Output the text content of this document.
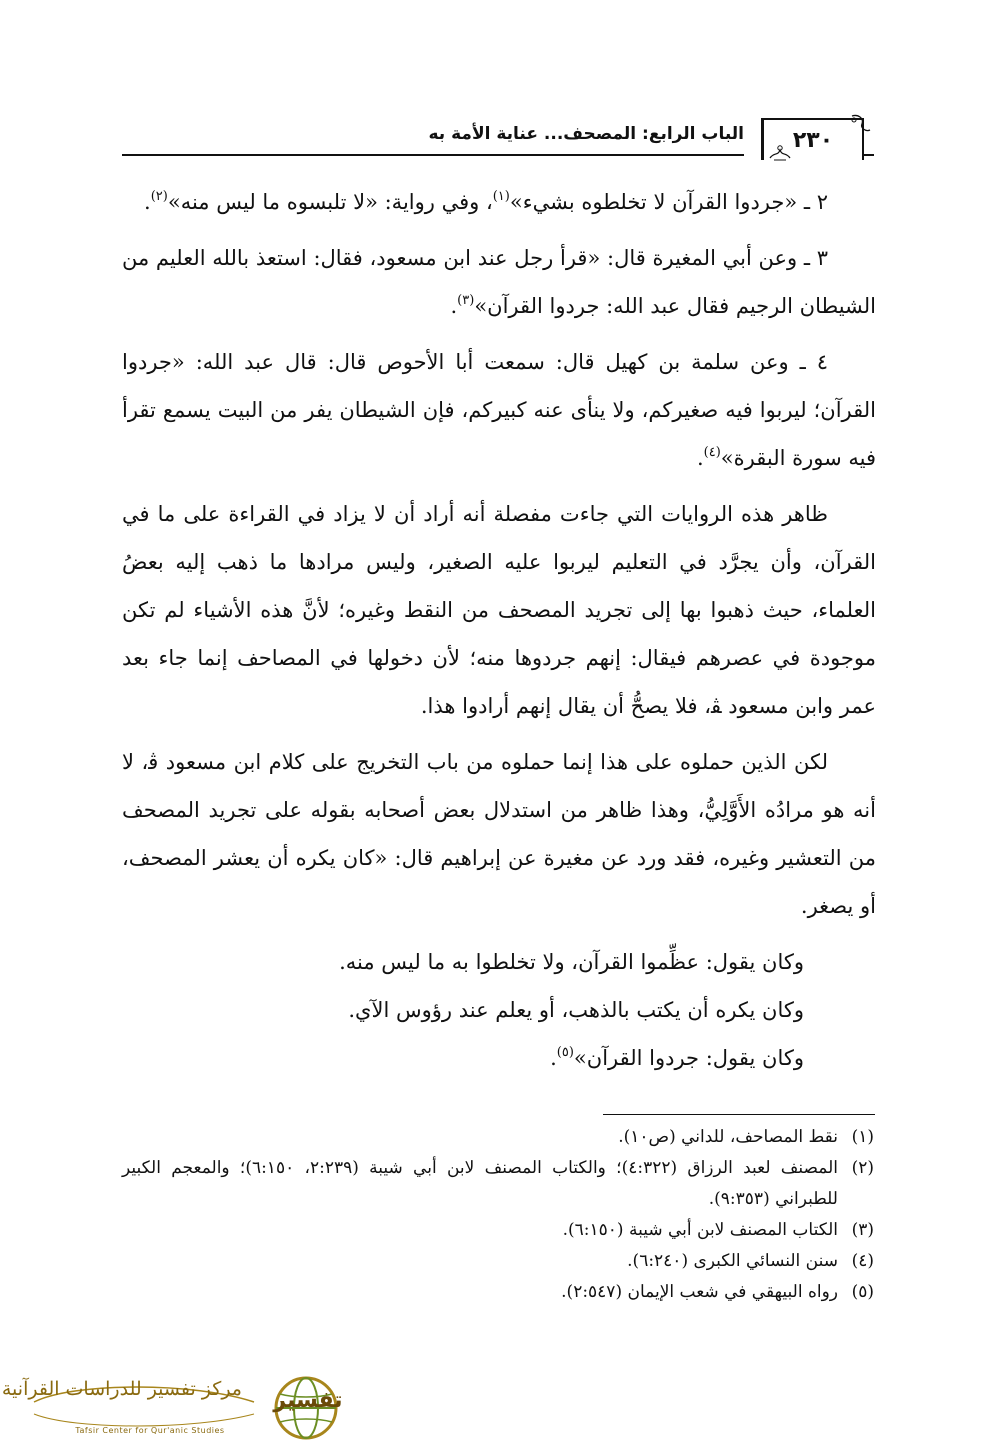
الباب الرابع: المصحف... عناية الأمة به ٢٣٠

٢ ـ «جردوا القرآن لا تخلطوه بشيء»$^{(١)}$، وفي رواية: «لا تلبسوه ما ليس منه»$^{(٢)}$.

٣ ـ وعن أبي المغيرة قال: «قرأ رجل عند ابن مسعود، فقال: استعذ بالله العليم من الشيطان الرجيم فقال عبد الله: جردوا القرآن»$^{(٣)}$.

٤ ـ وعن سلمة بن كهيل قال: سمعت أبا الأحوص قال: قال عبد الله: «جردوا القرآن؛ ليربوا فيه صغيركم، ولا ينأى عنه كبيركم، فإن الشيطان يفر من البيت يسمع تقرأ فيه سورة البقرة»$^{(٤)}$.

ظاهر هذه الروايات التي جاءت مفصلة أنه أراد أن لا يزاد في القراءة على ما في القرآن، وأن يجرَّد في التعليم ليربوا عليه الصغير، وليس مرادها ما ذهب إليه بعضُ العلماء، حيث ذهبوا بها إلى تجريد المصحف من النقط وغيره؛ لأنَّ هذه الأشياء لم تكن موجودة في عصرهم فيقال: إنهم جردوها منه؛ لأن دخولها في المصاحف إنما جاء بعد عمر وابن مسعود ﭭ، فلا يصحُّ أن يقال إنهم أرادوا هذا.

لكن الذين حملوه على هذا إنما حملوه من باب التخريج على كلام ابن مسعود ﭬ، لا أنه هو مرادُه الأَوَّلِيُّ، وهذا ظاهر من استدلال بعض أصحابه بقوله على تجريد المصحف من التعشير وغيره، فقد ورد عن مغيرة عن إبراهيم قال: «كان يكره أن يعشر المصحف، أو يصغر.

وكان يقول: عظِّموا القرآن، ولا تخلطوا به ما ليس منه.

وكان يكره أن يكتب بالذهب، أو يعلم عند رؤوس الآي.

وكان يقول: جردوا القرآن»$^{(٥)}$.

(١)
نقط المصاحف، للداني (ص١٠).
(٢)
المصنف لعبد الرزاق (٤:٣٢٢)؛ والكتاب المصنف لابن أبي شيبة (٢:٢٣٩، ٦:١٥٠)؛ والمعجم الكبير للطبراني (٩:٣٥٣).
(٣)
الكتاب المصنف لابن أبي شيبة (٦:١٥٠).
(٤)
سنن النسائي الكبرى (٦:٢٤٠).
(٥)
رواه البيهقي في شعب الإيمان (٢:٥٤٧).
مركز تفسير للدراسات القرآنية
Tafsir Center for Qur'anic Studies
تفسير
